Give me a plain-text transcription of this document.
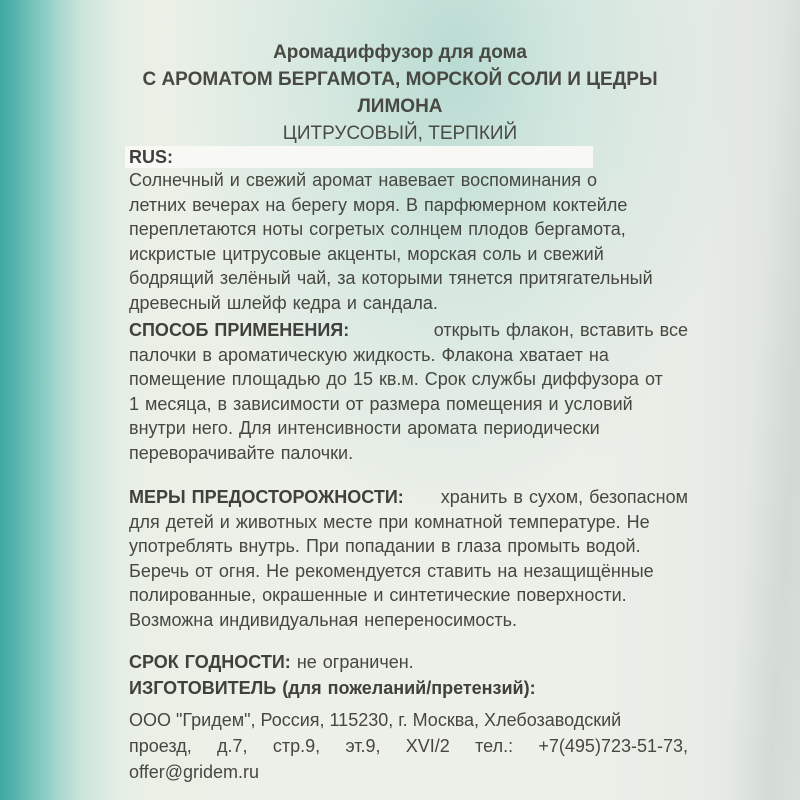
Аромадиффузор для дома
С АРОМАТОМ БЕРГАМОТА, МОРСКОЙ СОЛИ И ЦЕДРЫ ЛИМОНА
ЦИТРУСОВЫЙ, ТЕРПКИЙ
RUS:
Солнечный и свежий аромат навевает воспоминания о
летних вечерах на берегу моря. В парфюмерном коктейле
переплетаются ноты согретых солнцем плодов бергамота,
искристые цитрусовые акценты, морская соль и свежий
бодрящий зелёный чай, за которыми тянется притягательный
древесный шлейф кедра и сандала.
СПОСОБ ПРИМЕНЕНИЯ:	открыть флакон, вставить все
палочки в ароматическую жидкость. Флакона хватает на
помещение площадью до 15 кв.м. Срок службы диффузора от
1 месяца, в зависимости от размера помещения и условий
внутри него. Для интенсивности аромата периодически
переворачивайте палочки.
МЕРЫ ПРЕДОСТОРОЖНОСТИ: хранить в сухом, безопасном
для детей и животных месте при комнатной температуре. Не
употреблять внутрь. При попадании в глаза промыть водой.
Беречь от огня. Не рекомендуется ставить на незащищённые
полированные, окрашенные и синтетические поверхности.
Возможна индивидуальная непереносимость.
СРОК ГОДНОСТИ: не ограничен.
ИЗГОТОВИТЕЛЬ (для пожеланий/претензий):
ООО "Гридем", Россия, 115230, г. Москва, Хлебозаводский
проезд, д.7, стр.9, эт.9, XVI/2 тел.: +7(495)723-51-73,
offer@gridem.ru
